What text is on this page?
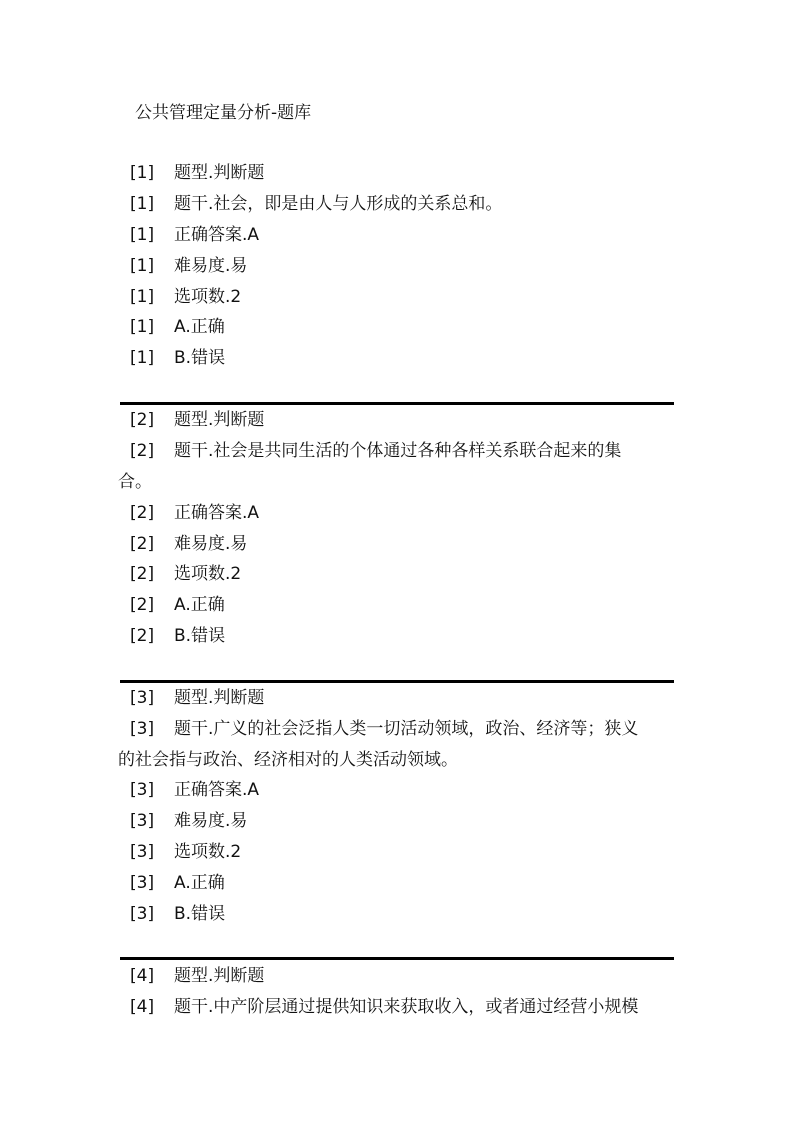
公共管理定量分析-题库
[1] 题型.判断题
[1] 题干.社会，即是由人与人形成的关系总和。
[1] 正确答案.A
[1] 难易度.易
[1] 选项数.2
[1] A.正确
[1] B.错误
[2] 题型.判断题
[2] 题干.社会是共同生活的个体通过各种各样关系联合起来的集
合。
[2] 正确答案.A
[2] 难易度.易
[2] 选项数.2
[2] A.正确
[2] B.错误
[3] 题型.判断题
[3] 题干.广义的社会泛指人类一切活动领域，政治、经济等；狭义
的社会指与政治、经济相对的人类活动领域。
[3] 正确答案.A
[3] 难易度.易
[3] 选项数.2
[3] A.正确
[3] B.错误
[4] 题型.判断题
[4] 题干.中产阶层通过提供知识来获取收入，或者通过经营小规模
